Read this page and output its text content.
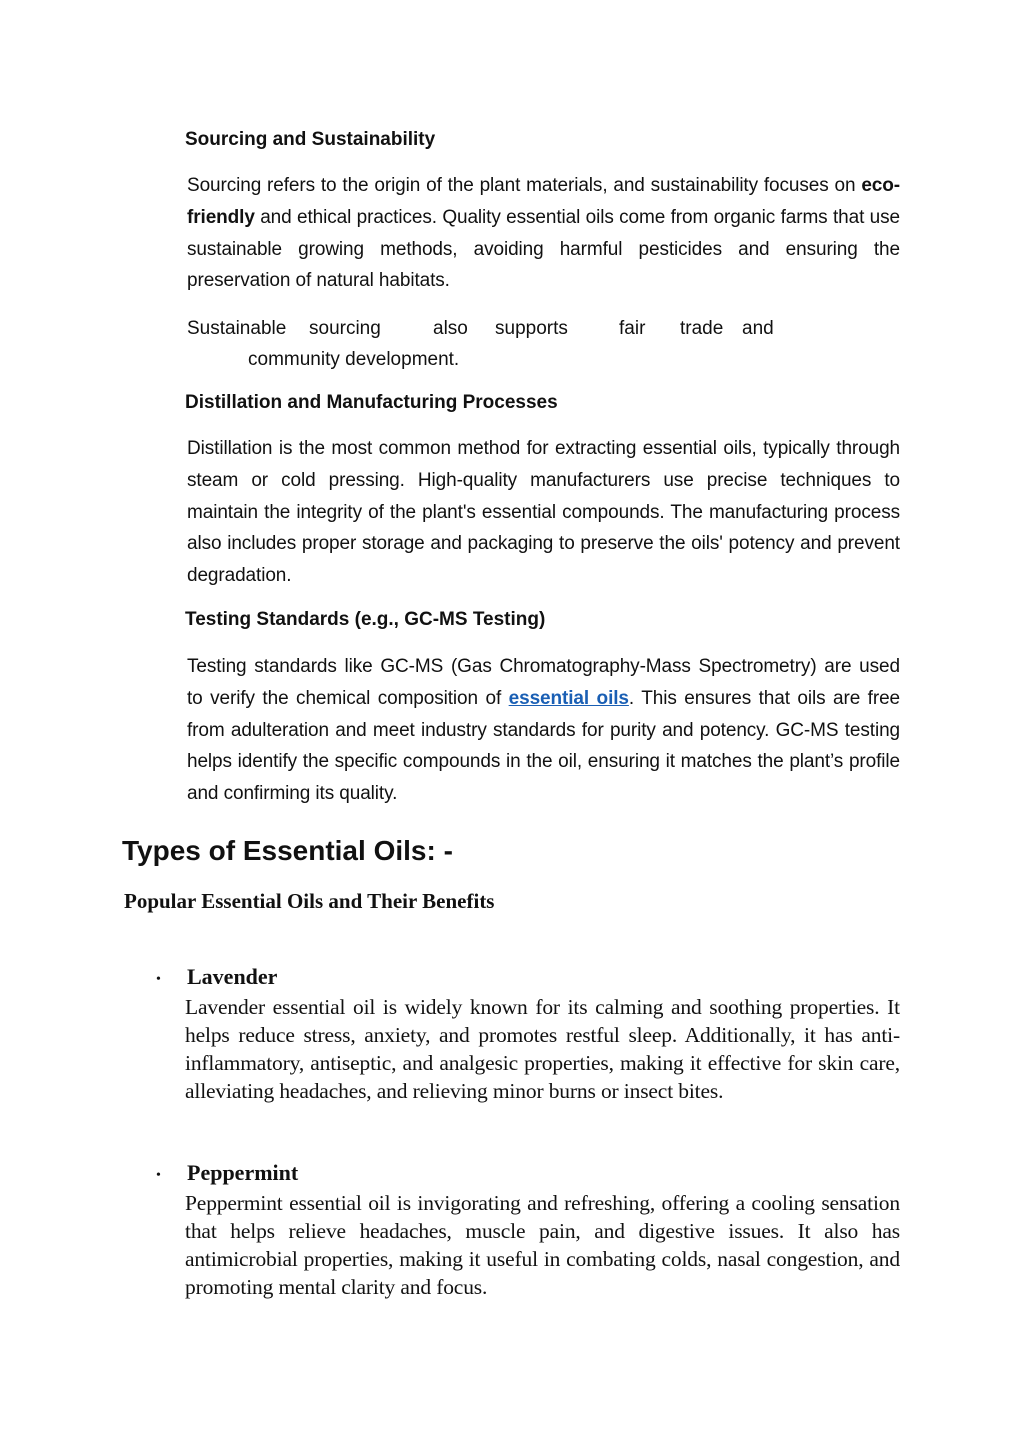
Sourcing and Sustainability

Sourcing refers to the origin of the plant materials, and sustainability focuses on eco-friendly and ethical practices. Quality essential oils come from organic farms that use sustainable growing methods, avoiding harmful pesticides and ensuring the preservation of natural habitats.

Sustainable sourcing	also supports	fair trade and

community development.

Distillation and Manufacturing Processes

Distillation is the most common method for extracting essential oils, typically through steam or cold pressing. High-quality manufacturers use precise techniques to maintain the integrity of the plant's essential compounds. The manufacturing process also includes proper storage and packaging to preserve the oils' potency and prevent degradation.

Testing Standards (e.g., GC-MS Testing)

Testing standards like GC-MS (Gas Chromatography-Mass Spectrometry) are used to verify the chemical composition of essential oils. This ensures that oils are free from adulteration and meet industry standards for purity and potency. GC-MS testing helps identify the specific compounds in the oil, ensuring it matches the plant’s profile and confirming its quality.

Types of Essential Oils: -
Popular Essential Oils and Their Benefits
• Lavender

Lavender essential oil is widely known for its calming and soothing properties. It helps reduce stress, anxiety, and promotes restful sleep. Additionally, it has anti-inflammatory, antiseptic, and analgesic properties, making it effective for skin care, alleviating headaches, and relieving minor burns or insect bites.

• Peppermint

Peppermint essential oil is invigorating and refreshing, offering a cooling sensation that helps relieve headaches, muscle pain, and digestive issues. It also has antimicrobial properties, making it useful in combating colds, nasal congestion, and promoting mental clarity and focus.
